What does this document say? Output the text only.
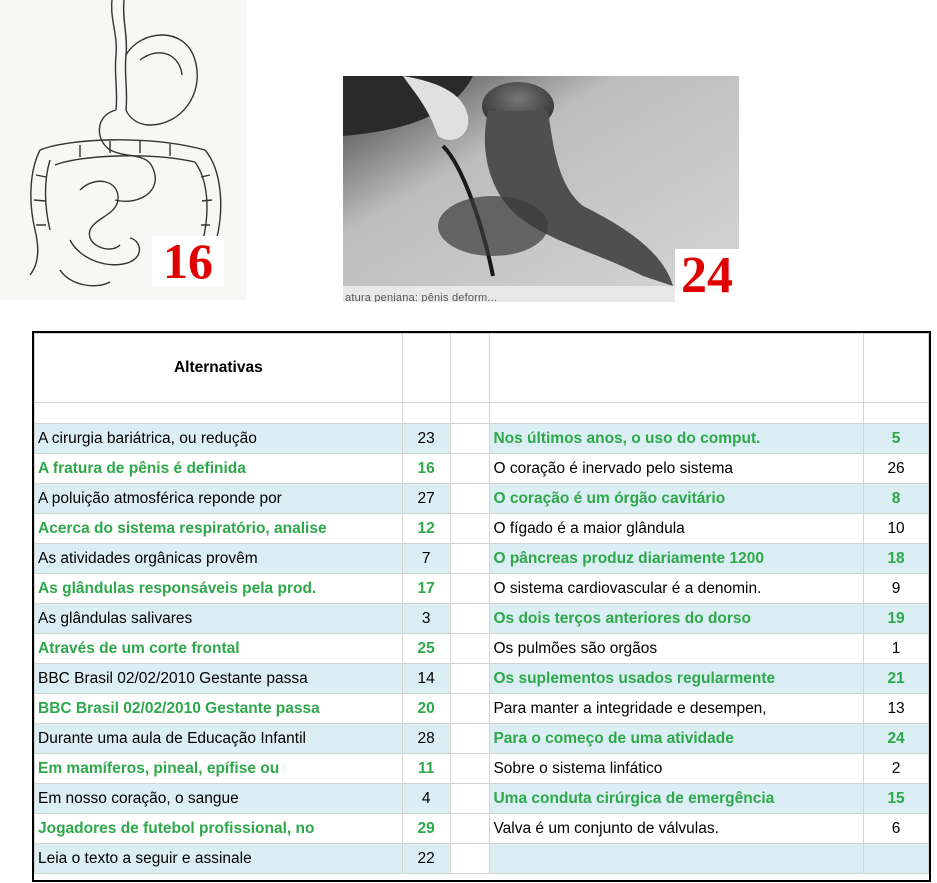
16
atura peniana: pênis deform...	24
Alternativas				

A cirurgia bariátrica, ou redução	23		Nos últimos anos, o uso do comput.	5
A fratura de pênis é definida	16		O coração é inervado pelo sistema	26
A poluição atmosférica reponde por	27		O coração é um órgão cavitário	8
Acerca do sistema respiratório, analise	12		O fígado é a maior glândula	10
As atividades orgânicas provêm	7		O pâncreas produz diariamente 1200	18
As glândulas responsáveis pela prod.	17		O sistema cardiovascular é a denomin.	9
As glândulas salivares	3		Os dois terços anteriores do dorso	19
Através de um corte frontal	25		Os pulmões são orgãos	1
BBC Brasil 02/02/2010 Gestante passa	14		Os suplementos usados regularmente	21
BBC Brasil 02/02/2010 Gestante passa	20		Para manter a integridade e desempen,	13
Durante uma aula de Educação Infantil	28		Para o começo de uma atividade	24
Em mamíferos, pineal, epífise ou	11		Sobre o sistema linfático	2
Em nosso coração, o sangue	4		Uma conduta cirúrgica de emergência	15
Jogadores de futebol profissional, no	29		Valva é um conjunto de válvulas.	6
Leia o texto a seguir e assinale	22			
